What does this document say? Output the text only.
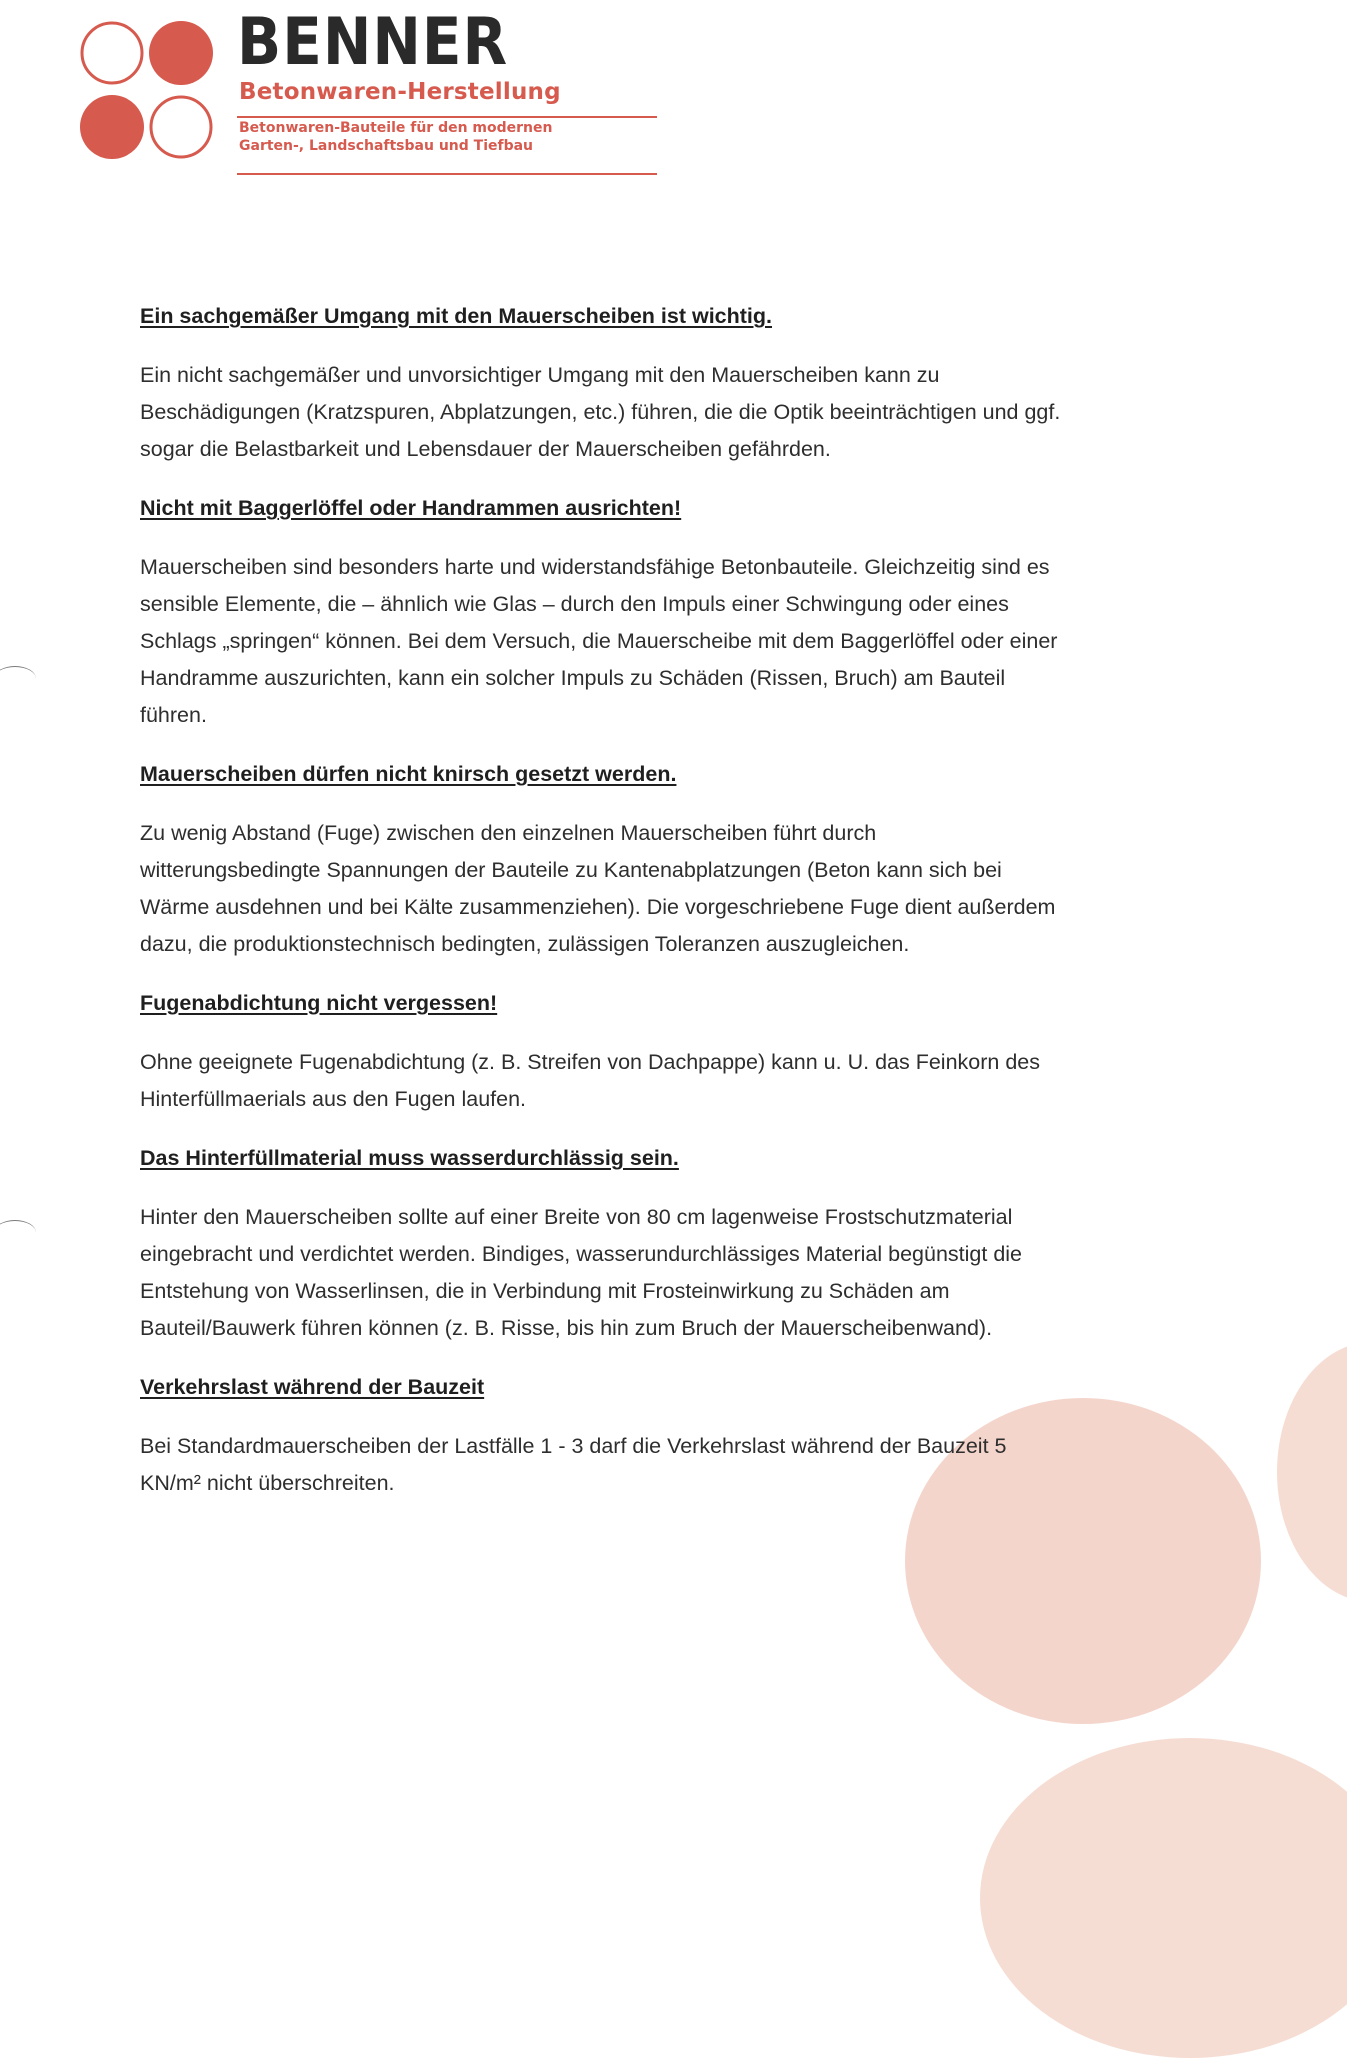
BENNER
Betonwaren-Herstellung
Betonwaren-Bauteile für den modernen
Garten-, Landschaftsbau und Tiefbau
Ein sachgemäßer Umgang mit den Mauerscheiben ist wichtig.
Ein nicht sachgemäßer und unvorsichtiger Umgang mit den Mauerscheiben kann zu
Beschädigungen (Kratzspuren, Abplatzungen, etc.) führen, die die Optik beeinträchtigen und ggf.
sogar die Belastbarkeit und Lebensdauer der Mauerscheiben gefährden.
Nicht mit Baggerlöffel oder Handrammen ausrichten!
Mauerscheiben sind besonders harte und widerstandsfähige Betonbauteile. Gleichzeitig sind es
sensible Elemente, die – ähnlich wie Glas – durch den Impuls einer Schwingung oder eines
Schlags „springen“ können. Bei dem Versuch, die Mauerscheibe mit dem Baggerlöffel oder einer
Handramme auszurichten, kann ein solcher Impuls zu Schäden (Rissen, Bruch) am Bauteil
führen.
Mauerscheiben dürfen nicht knirsch gesetzt werden.
Zu wenig Abstand (Fuge) zwischen den einzelnen Mauerscheiben führt durch
witterungsbedingte Spannungen der Bauteile zu Kantenabplatzungen (Beton kann sich bei
Wärme ausdehnen und bei Kälte zusammenziehen). Die vorgeschriebene Fuge dient außerdem
dazu, die produktionstechnisch bedingten, zulässigen Toleranzen auszugleichen.
Fugenabdichtung nicht vergessen!
Ohne geeignete Fugenabdichtung (z. B. Streifen von Dachpappe) kann u. U. das Feinkorn des
Hinterfüllmaerials aus den Fugen laufen.
Das Hinterfüllmaterial muss wasserdurchlässig sein.
Hinter den Mauerscheiben sollte auf einer Breite von 80 cm lagenweise Frostschutzmaterial
eingebracht und verdichtet werden. Bindiges, wasserundurchlässiges Material begünstigt die
Entstehung von Wasserlinsen, die in Verbindung mit Frosteinwirkung zu Schäden am
Bauteil/Bauwerk führen können (z. B. Risse, bis hin zum Bruch der Mauerscheibenwand).
Verkehrslast während der Bauzeit
Bei Standardmauerscheiben der Lastfälle 1 - 3 darf die Verkehrslast während der Bauzeit 5
KN/m² nicht überschreiten.
